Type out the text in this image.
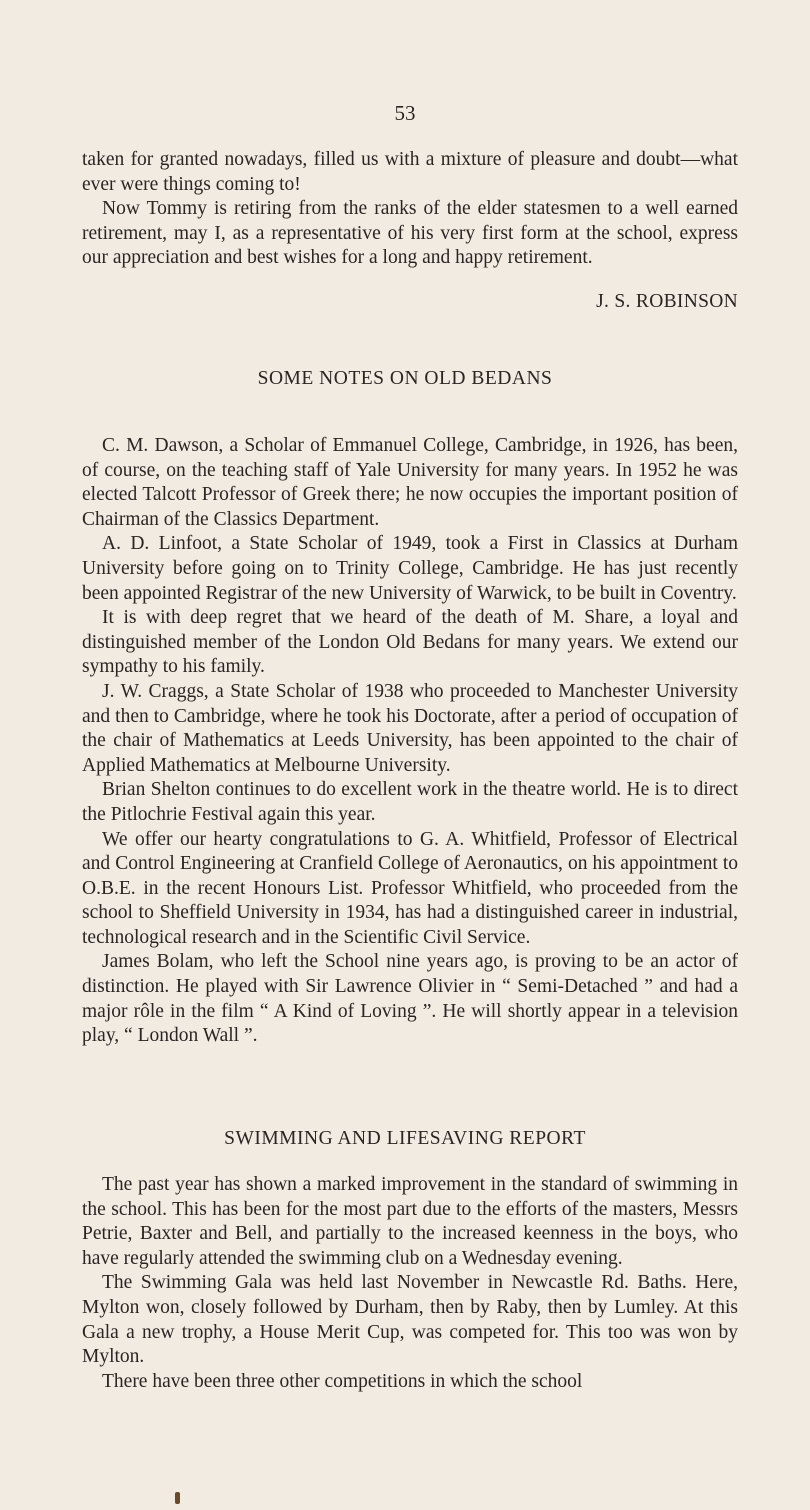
53

taken for granted nowadays, filled us with a mixture of pleasure and doubt—what ever were things coming to!

Now Tommy is retiring from the ranks of the elder statesmen to a well earned retirement, may I, as a representative of his very first form at the school, express our appreciation and best wishes for a long and happy retirement.

J. S. ROBINSON
SOME NOTES ON OLD BEDANS

C. M. Dawson, a Scholar of Emmanuel College, Cambridge, in 1926, has been, of course, on the teaching staff of Yale University for many years. In 1952 he was elected Talcott Professor of Greek there; he now occupies the important position of Chairman of the Classics Department.

A. D. Linfoot, a State Scholar of 1949, took a First in Classics at Durham University before going on to Trinity College, Cambridge. He has just recently been appointed Registrar of the new University of Warwick, to be built in Coventry.

It is with deep regret that we heard of the death of M. Share, a loyal and distinguished member of the London Old Bedans for many years. We extend our sympathy to his family.

J. W. Craggs, a State Scholar of 1938 who proceeded to Manchester University and then to Cambridge, where he took his Doctorate, after a period of occupation of the chair of Mathematics at Leeds University, has been appointed to the chair of Applied Mathematics at Melbourne University.

Brian Shelton continues to do excellent work in the theatre world. He is to direct the Pitlochrie Festival again this year.

We offer our hearty congratulations to G. A. Whitfield, Professor of Electrical and Control Engineering at Cranfield College of Aeronautics, on his appointment to O.B.E. in the recent Honours List. Professor Whitfield, who proceeded from the school to Sheffield University in 1934, has had a distinguished career in industrial, technological research and in the Scientific Civil Service.

James Bolam, who left the School nine years ago, is proving to be an actor of distinction. He played with Sir Lawrence Olivier in “ Semi-Detached ” and had a major rôle in the film “ A Kind of Loving ”. He will shortly appear in a television play, “ London Wall ”.

SWIMMING AND LIFESAVING REPORT

The past year has shown a marked improvement in the standard of swimming in the school. This has been for the most part due to the efforts of the masters, Messrs Petrie, Baxter and Bell, and partially to the increased keenness in the boys, who have regularly attended the swimming club on a Wednesday evening.

The Swimming Gala was held last November in Newcastle Rd. Baths. Here, Mylton won, closely followed by Durham, then by Raby, then by Lumley. At this Gala a new trophy, a House Merit Cup, was competed for. This too was won by Mylton.

There have been three other competitions in which the school
